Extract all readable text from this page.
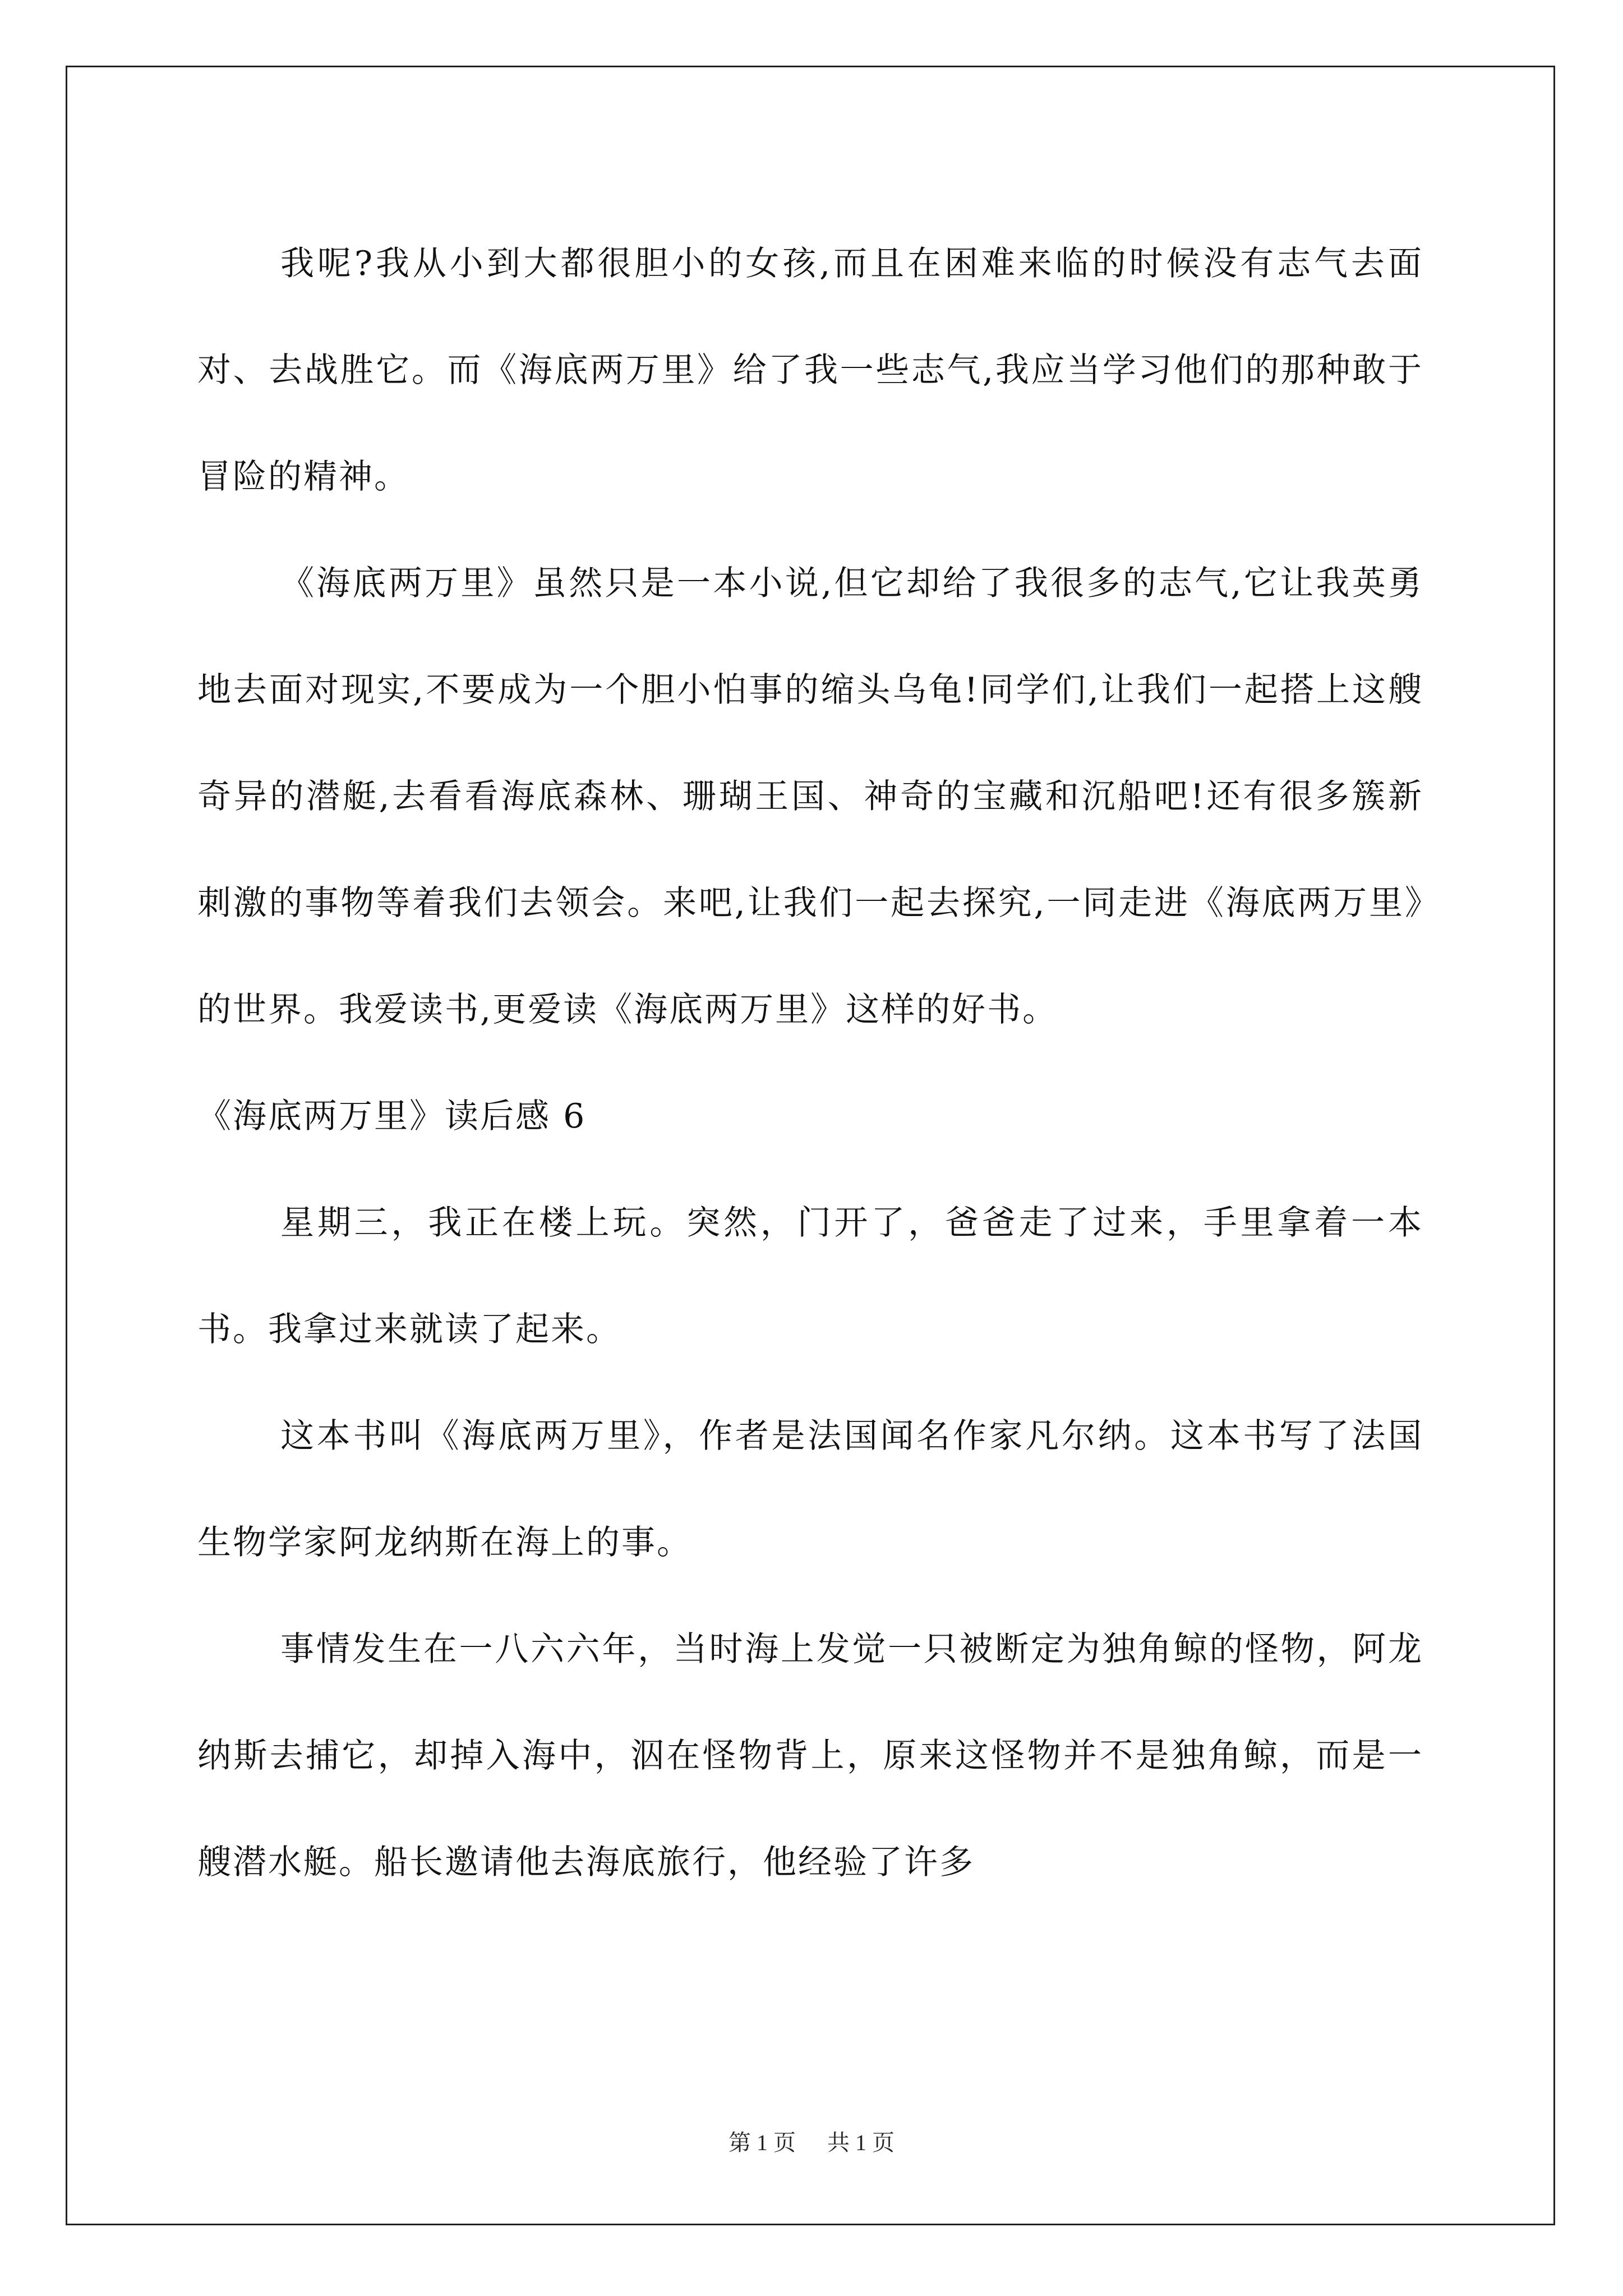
我呢?我从小到大都很胆小的女孩,而且在困难来临的时候没有志气去面对、去战胜它。而《海底两万里》给了我一些志气,我应当学习他们的那种敢于冒险的精神。

《海底两万里》虽然只是一本小说,但它却给了我很多的志气,它让我英勇地去面对现实,不要成为一个胆小怕事的缩头乌龟!同学们,让我们一起搭上这艘奇异的潜艇,去看看海底森林、珊瑚王国、神奇的宝藏和沉船吧!还有很多簇新刺激的事物等着我们去领会。来吧,让我们一起去探究,一同走进《海底两万里》的世界。我爱读书,更爱读《海底两万里》这样的好书。

《海底两万里》读后感 6

星期三，我正在楼上玩。突然，门开了，爸爸走了过来，手里拿着一本书。我拿过来就读了起来。

这本书叫《海底两万里》，作者是法国闻名作家凡尔纳。这本书写了法国生物学家阿龙纳斯在海上的事。

事情发生在一八六六年，当时海上发觉一只被断定为独角鲸的怪物，阿龙纳斯去捕它，却掉入海中，泅在怪物背上，原来这怪物并不是独角鲸，而是一艘潜水艇。船长邀请他去海底旅行，他经验了许多

第 1 页 共 1 页
